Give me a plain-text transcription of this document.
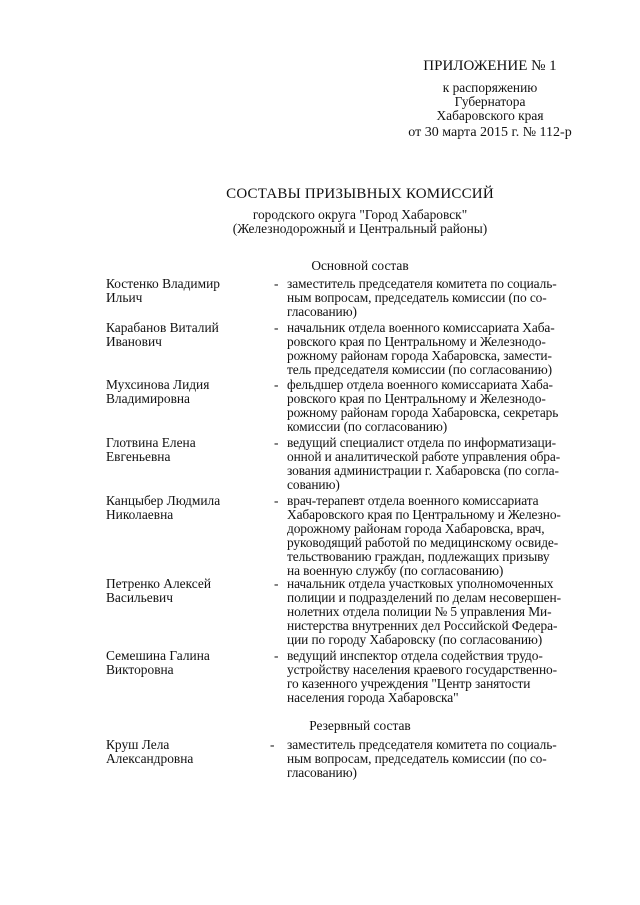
ПРИЛОЖЕНИЕ № 1
к распоряжению
Губернатора
Хабаровского края
от 30 марта 2015 г. № 112-р
СОСТАВЫ ПРИЗЫВНЫХ КОМИССИЙ
городского округа "Город Хабаровск"
(Железнодорожный и Центральный районы)
Основной состав
Костенко Владимир
Ильич
- заместитель председателя комитета по социаль-
ным вопросам, председатель комиссии (по со-
гласованию)
Карабанов Виталий
Иванович
- начальник отдела военного комиссариата Хаба-
ровского края по Центральному и Железнодо-
рожному районам города Хабаровска, замести-
тель председателя комиссии (по согласованию)
Мухсинова Лидия
Владимировна
- фельдшер отдела военного комиссариата Хаба-
ровского края по Центральному и Железнодо-
рожному районам города Хабаровска, секретарь
комиссии (по согласованию)
Глотвина Елена
Евгеньевна
- ведущий специалист отдела по информатизаци-
онной и аналитической работе управления обра-
зования администрации г. Хабаровска (по согла-
сованию)
Канцыбер Людмила
Николаевна
- врач-терапевт отдела военного комиссариата
Хабаровского края по Центральному и Железно-
дорожному районам города Хабаровска, врач,
руководящий работой по медицинскому освиде-
тельствованию граждан, подлежащих призыву
на военную службу (по согласованию)
Петренко Алексей
Васильевич
- начальник отдела участковых уполномоченных
полиции и подразделений по делам несовершен-
нолетних отдела полиции № 5 управления Ми-
нистерства внутренних дел Российской Федера-
ции по городу Хабаровску (по согласованию)
Семешина Галина
Викторовна
- ведущий инспектор отдела содействия трудо-
устройству населения краевого государственно-
го казенного учреждения "Центр занятости
населения города Хабаровска"
Резервный состав
Круш Лела
Александровна
- заместитель председателя комитета по социаль-
ным вопросам, председатель комиссии (по со-
гласованию)
